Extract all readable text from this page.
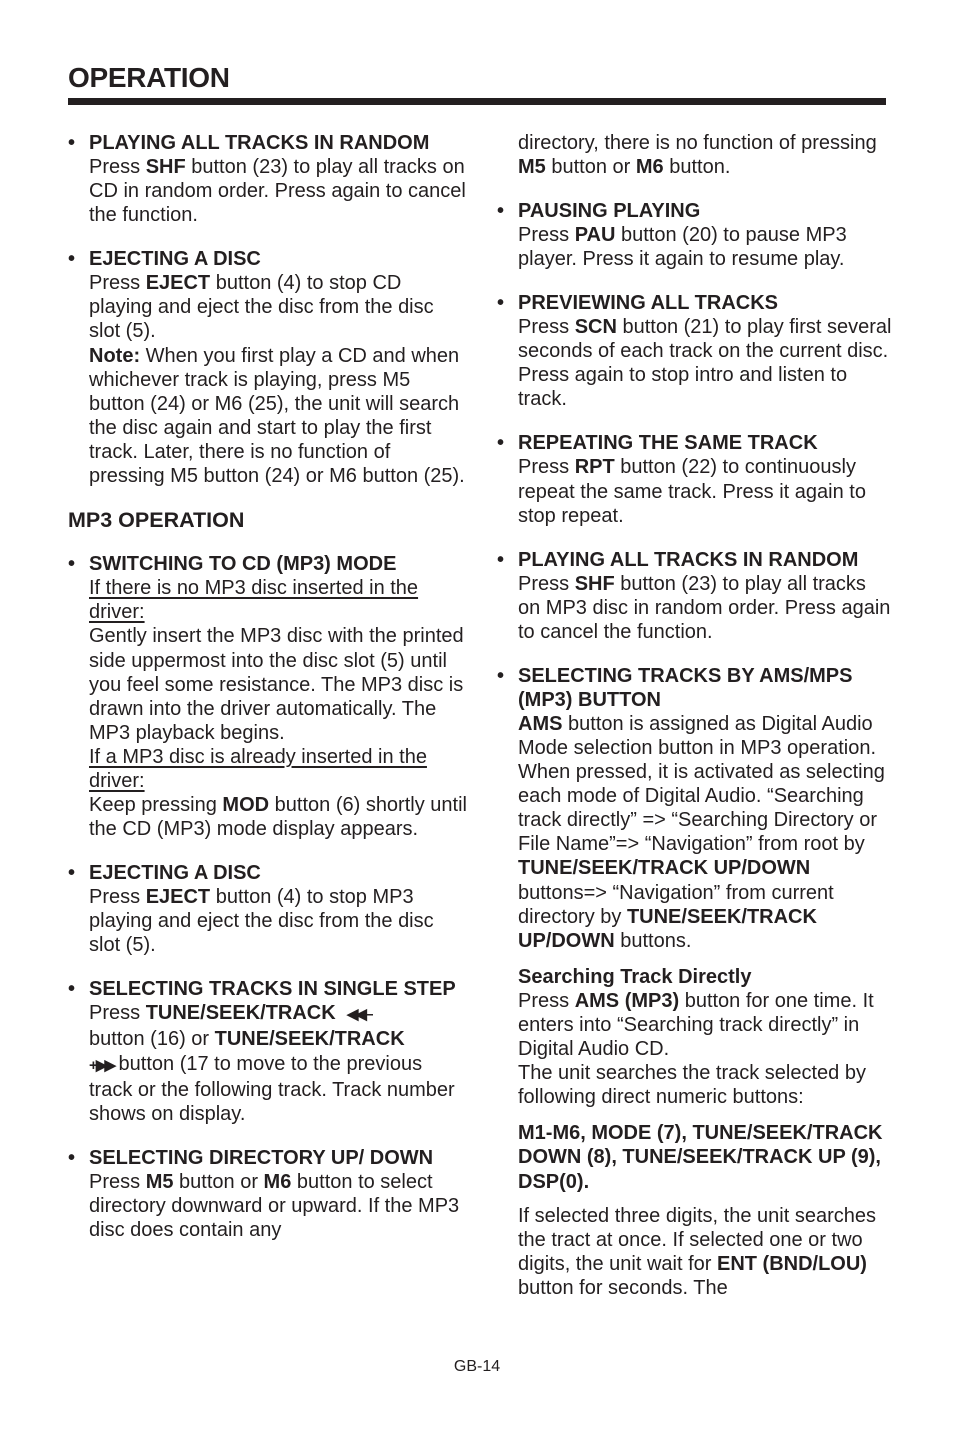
OPERATION
• PLAYING ALL TRACKS IN RANDOM

Press SHF button (23) to play all tracks on CD in random order. Press again to cancel the function.

• EJECTING A DISC

Press EJECT button (4) to stop CD playing and eject the disc from the disc slot (5).

Note: When you first play a CD and when whichever track is playing, press M5 button (24) or M6 (25), the unit will search the disc again and start to play the first track. Later, there is no function of pressing M5 button (24) or M6 button (25).

MP3 OPERATION
• SWITCHING TO CD (MP3) MODE

If there is no MP3 disc inserted in the driver:

Gently insert the MP3 disc with the printed side uppermost into the disc slot (5) until you feel some resistance. The MP3 disc is drawn into the driver automatically. The MP3 playback begins.

If a MP3 disc is already inserted in the driver:

Keep pressing MOD button (6) shortly until the CD (MP3) mode display appears.

• EJECTING A DISC

Press EJECT button (4) to stop MP3 playing and eject the disc from the disc slot (5).

• SELECTING TRACKS IN SINGLE STEP

Press TUNE/SEEK/TRACK ◀◀ –
button (16) or TUNE/SEEK/TRACK
+ ▶▶ button (17 to move to the previous track or the following track. Track number shows on display.

• SELECTING DIRECTORY UP/ DOWN

Press M5 button or M6 button to select directory downward or upward. If the MP3 disc does contain any

directory, there is no function of pressing M5 button or M6 button.

• PAUSING PLAYING

Press PAU button (20) to pause MP3 player. Press it again to resume play.

• PREVIEWING ALL TRACKS

Press SCN button (21) to play first several seconds of each track on the current disc. Press again to stop intro and listen to track.

• REPEATING THE SAME TRACK

Press RPT button (22) to continuously repeat the same track. Press it again to stop repeat.

• PLAYING ALL TRACKS IN RANDOM

Press SHF button (23) to play all tracks on MP3 disc in random order. Press again to cancel the function.

• SELECTING TRACKS BY AMS/MPS (MP3) BUTTON

AMS button is assigned as Digital Audio Mode selection button in MP3 operation.

When pressed, it is activated as selecting each mode of Digital Audio. “Searching track directly” => “Searching Directory or File Name”=> “Navigation” from root by TUNE/SEEK/TRACK UP/DOWN buttons=> “Navigation” from current directory by TUNE/SEEK/TRACK UP/DOWN buttons.

Searching Track Directly

Press AMS (MP3) button for one time. It enters into “Searching track directly” in Digital Audio CD.

The unit searches the track selected by following direct numeric buttons:

M1-M6, MODE (7), TUNE/SEEK/TRACK DOWN (8), TUNE/SEEK/TRACK UP (9), DSP(0).

If selected three digits, the unit searches the tract at once. If selected one or two digits, the unit wait for ENT (BND/LOU) button for seconds. The

GB-14
